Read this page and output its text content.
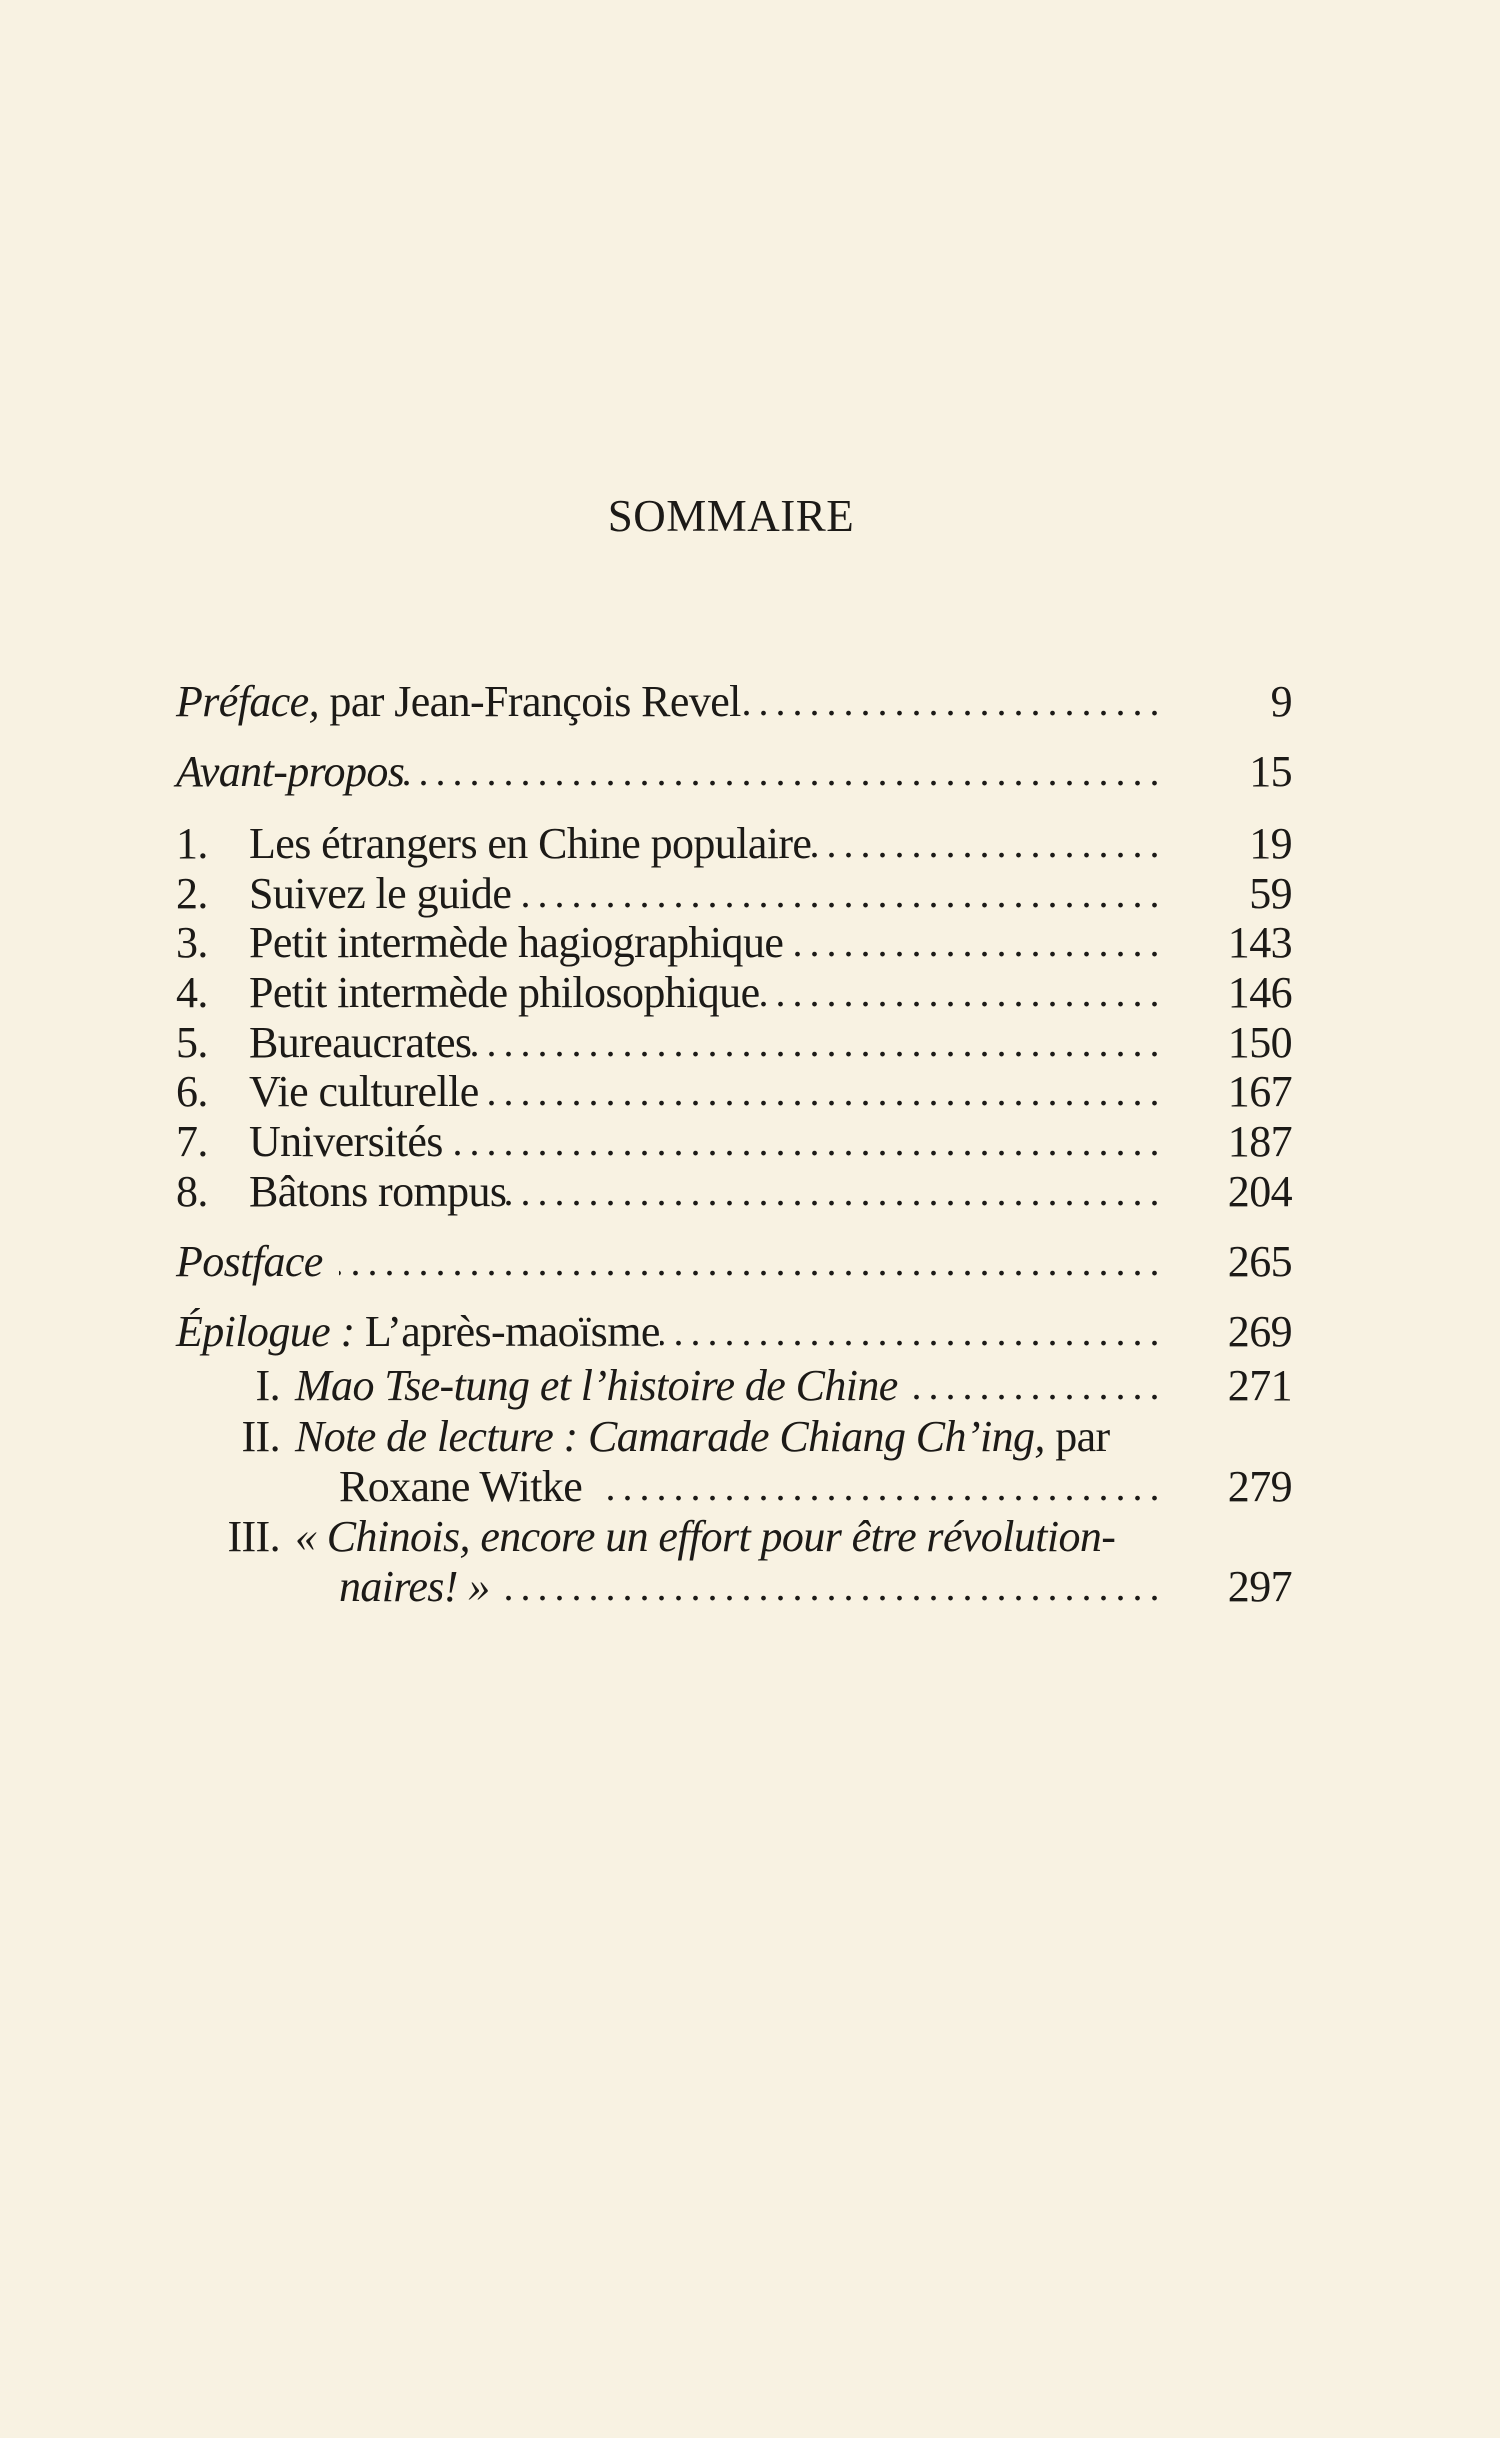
SOMMAIRE
Préface, par Jean-François Revel . . .	9
Avant-propos . . .	15
1. Les étrangers en Chine populaire . . .	19
2. Suivez le guide . . .	59
3. Petit intermède hagiographique . . .	143
4. Petit intermède philosophique . . .	146
5. Bureaucrates . . .	150
6. Vie culturelle . . .	167
7. Universités . . .	187
8. Bâtons rompus . . .	204
Postface . . .	265
Épilogue : L’après-maoïsme . . .	269
I. Mao Tse-tung et l’histoire de Chine . . .	271
II. Note de lecture : Camarade Chiang Ch’ing, par
Roxane Witke . . .	279
III. « Chinois, encore un effort pour être révolution-
naires! » . . .	297
